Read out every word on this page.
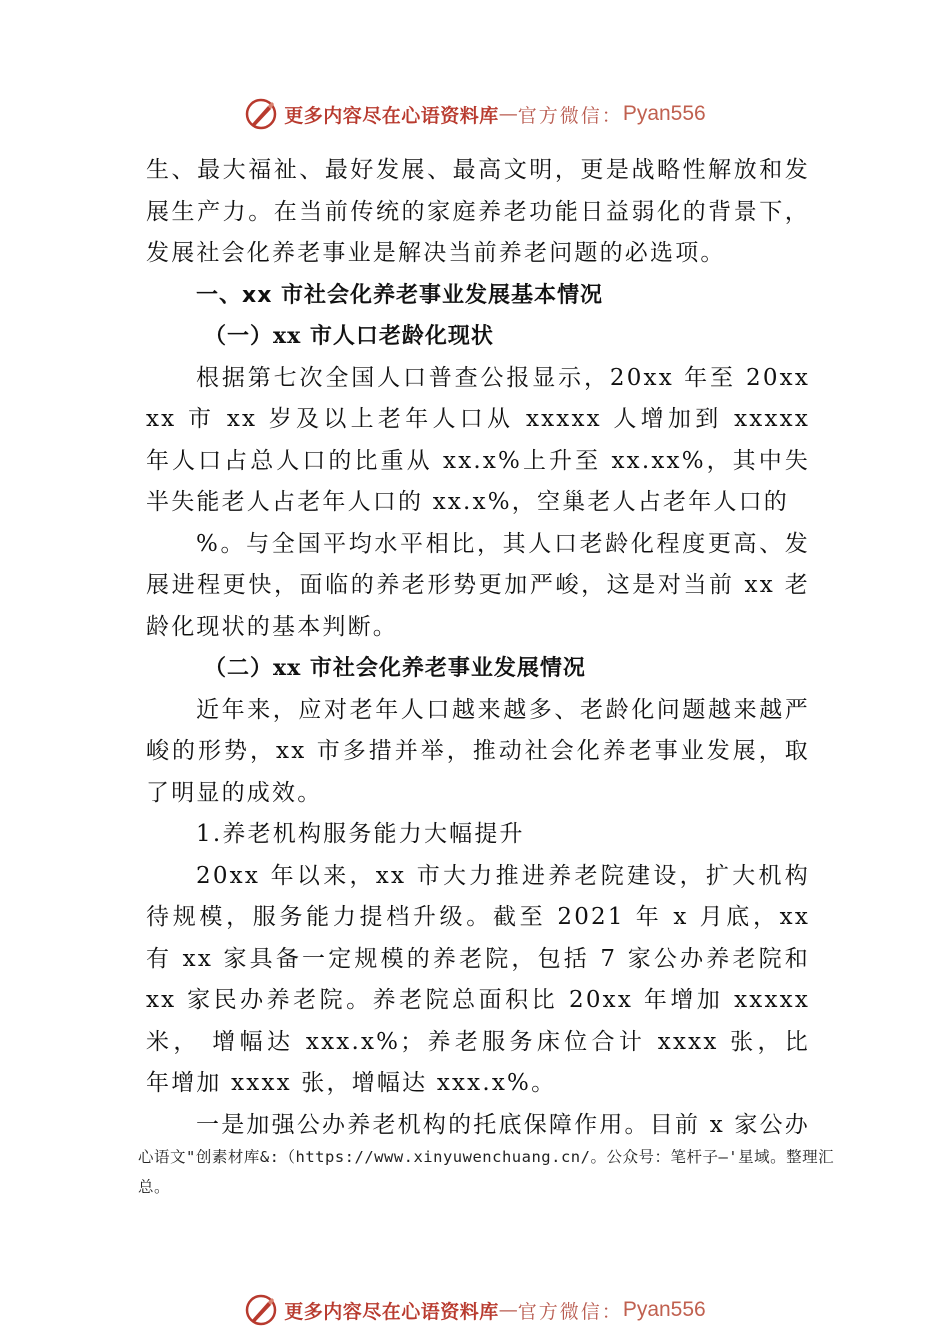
更多内容尽在心语资料库 — 官方微信： Pyan556
生、最大福祉、最好发展、最高文明，更是战略性解放和发
展生产力。在当前传统的家庭养老功能日益弱化的背景下，
发展社会化养老事业是解决当前养老问题的必选项。
一、xx 市社会化养老事业发展基本情况
（一）xx 市人口老龄化现状
根据第七次全国人口普查公报显示，20xx 年至 20xx
xx 市 xx 岁及以上老年人口从 xxxxx 人增加到 xxxxx
年人口占总人口的比重从 xx.x%上升至 xx.xx%，其中失
半失能老人占老年人口的 xx.x%，空巢老人占老年人口的
%。与全国平均水平相比，其人口老龄化程度更高、发
展进程更快，面临的养老形势更加严峻，这是对当前 xx 老
龄化现状的基本判断。
（二）xx 市社会化养老事业发展情况
近年来，应对老年人口越来越多、老龄化问题越来越严
峻的形势，xx 市多措并举，推动社会化养老事业发展，取
了明显的成效。
1.养老机构服务能力大幅提升
20xx 年以来，xx 市大力推进养老院建设，扩大机构
待规模，服务能力提档升级。截至 2021 年 x 月底，xx
有 xx 家具备一定规模的养老院，包括 7 家公办养老院和
xx 家民办养老院。养老院总面积比 20xx 年增加 xxxxx
米， 增幅达 xxx.x%；养老服务床位合计 xxxx 张，比
年增加 xxxx 张，增幅达 xxx.x%。
一是加强公办养老机构的托底保障作用。目前 x 家公办
心语文"创素材库&:（https://www.xinyuwenchuang.cn/。公众号：笔杆子—'星域。整理汇总。
更多内容尽在心语资料库 — 官方微信： Pyan556
